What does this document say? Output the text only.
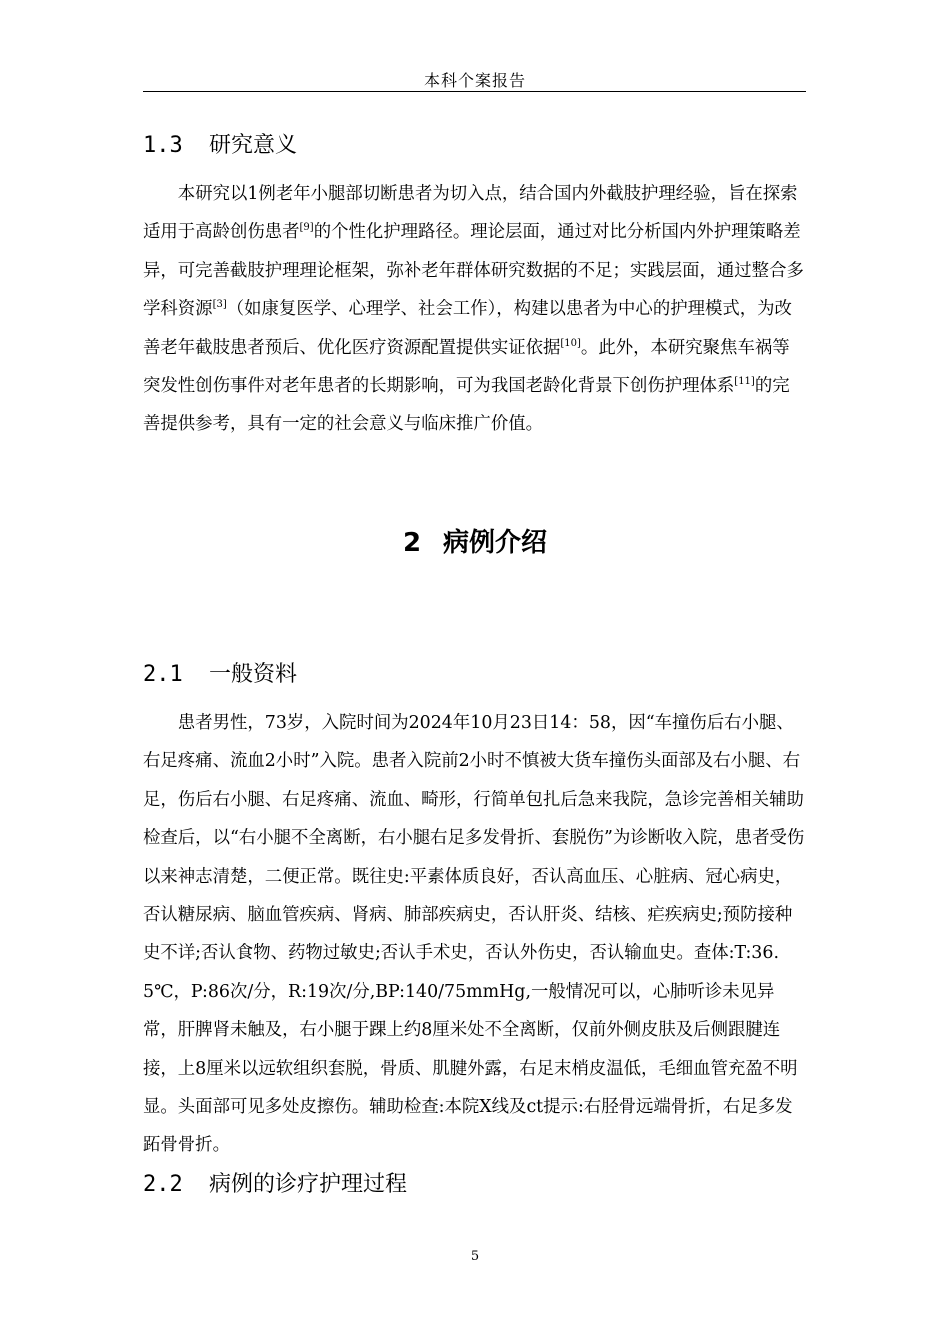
本科个案报告
1.3 研究意义

本研究以1例老年小腿部切断患者为切入点，结合国内外截肢护理经验，旨在探索适用于高龄创伤患者[9]的个性化护理路径。理论层面，通过对比分析国内外护理策略差异，可完善截肢护理理论框架，弥补老年群体研究数据的不足；实践层面，通过整合多学科资源[3]（如康复医学、心理学、社会工作），构建以患者为中心的护理模式，为改善老年截肢患者预后、优化医疗资源配置提供实证依据[10]。此外，本研究聚焦车祸等突发性创伤事件对老年患者的长期影响，可为我国老龄化背景下创伤护理体系[11]的完善提供参考，具有一定的社会意义与临床推广价值。

2 病例介绍
2.1 一般资料

患者男性，73岁，入院时间为2024年10月23日14：58，因“车撞伤后右小腿、右足疼痛、流血2小时”入院。患者入院前2小时不慎被大货车撞伤头面部及右小腿、右足，伤后右小腿、右足疼痛、流血、畸形，行简单包扎后急来我院，急诊完善相关辅助检查后，以“右小腿不全离断，右小腿右足多发骨折、套脱伤”为诊断收入院，患者受伤以来神志清楚，二便正常。既往史:平素体质良好，否认高血压、心脏病、冠心病史，否认糖尿病、脑血管疾病、肾病、肺部疾病史，否认肝炎、结核、疟疾病史;预防接种史不详;否认食物、药物过敏史;否认手术史，否认外伤史，否认输血史。查体:T:36.5℃，P:86次/分，R:19次/分,BP:140/75mmHg,一般情况可以，心肺听诊未见异常，肝脾肾未触及，右小腿于踝上约8厘米处不全离断，仅前外侧皮肤及后侧跟腱连接，上8厘米以远软组织套脱，骨质、肌腱外露，右足末梢皮温低，毛细血管充盈不明显。头面部可见多处皮擦伤。辅助检查:本院X线及ct提示:右胫骨远端骨折，右足多发跖骨骨折。

2.2 病例的诊疗护理过程
5
